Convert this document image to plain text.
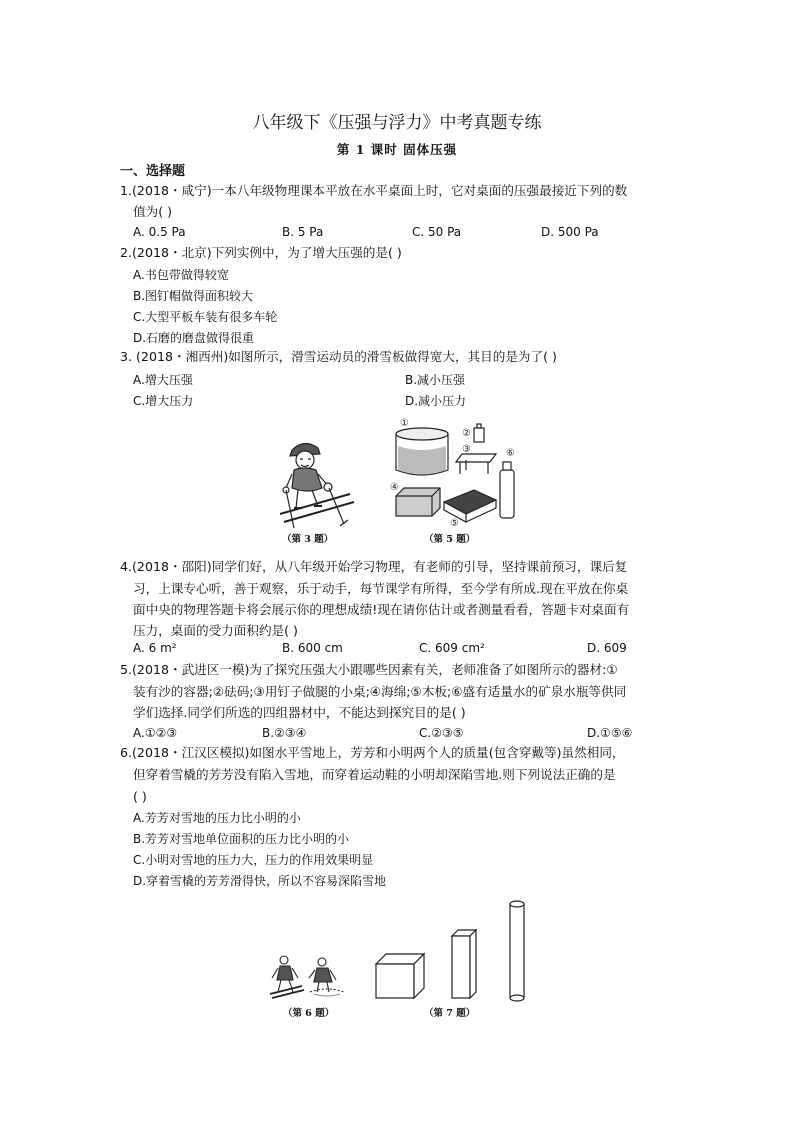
八年级下《压强与浮力》中考真题专练
第 1 课时 固体压强
一、选择题
1.(2018・咸宁)一本八年级物理课本平放在水平桌面上时，它对桌面的压强最接近下列的数
值为( )
A. 0.5 Pa	B. 5 Pa	C. 50 Pa	D. 500 Pa
2.(2018・北京)下列实例中，为了增大压强的是( )
A.书包带做得较宽
B.图钉帽做得面积较大
C.大型平板车装有很多车轮
D.石磨的磨盘做得很重
3. (2018・湘西州)如图所示，滑雪运动员的滑雪板做得宽大，其目的是为了( )
A.增大压强	B.减小压强
C.增大压力	D.减小压力
（第 3 题）
①
②
③
④
⑤
⑥
（第 5 题）
4.(2018・邵阳)同学们好，从八年级开始学习物理，有老师的引导，坚持课前预习，课后复
习，上课专心听，善于观察，乐于动手，每节课学有所得，至今学有所成.现在平放在你桌
面中央的物理答题卡将会展示你的理想成绩!现在请你估计或者测量看看，答题卡对桌面有
压力，桌面的受力面积约是( )
A. 6 m²	B. 600 cm	C. 609 cm²	D. 609
5.(2018・武进区一模)为了探究压强大小跟哪些因素有关，老师准备了如图所示的器材:①
装有沙的容器;②砝码;③用钉子做腿的小桌;④海绵;⑤木板;⑥盛有适量水的矿泉水瓶等供同
学们选择.同学们所选的四组器材中，不能达到探究目的是( )
A.①②③	B.②③④	C.②③⑤	D.①⑤⑥
6.(2018・江汉区模拟)如图水平雪地上，芳芳和小明两个人的质量(包含穿戴等)虽然相同，
但穿着雪橇的芳芳没有陷入雪地，而穿着运动鞋的小明却深陷雪地.则下列说法正确的是
( )
A.芳芳对雪地的压力比小明的小
B.芳芳对雪地单位面积的压力比小明的小
C.小明对雪地的压力大，压力的作用效果明显
D.穿着雪橇的芳芳滑得快，所以不容易深陷雪地
（第 6 题）	（第 7 题）
